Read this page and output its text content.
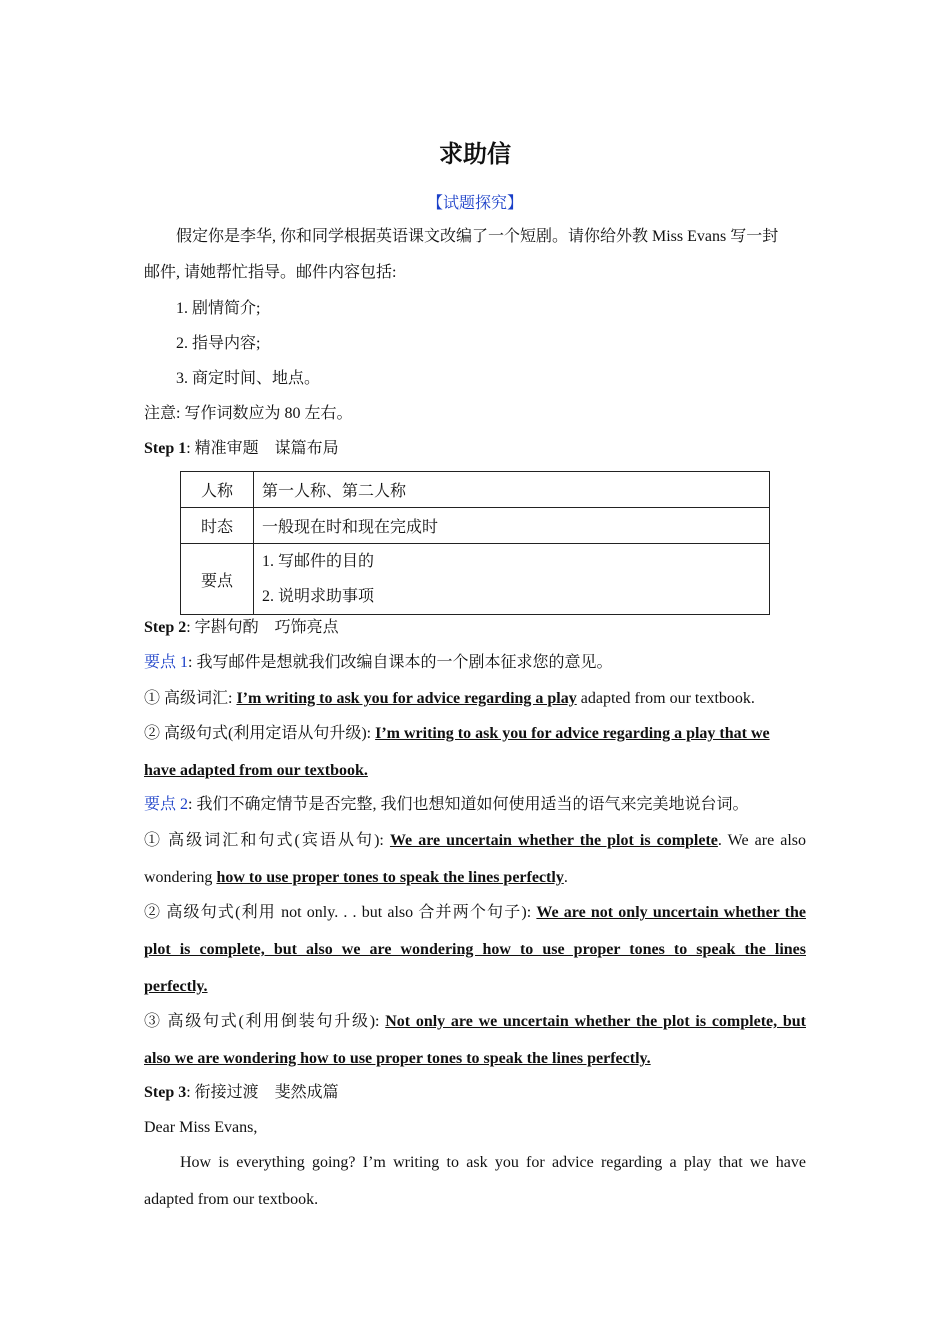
求助信
【试题探究】
假定你是李华, 你和同学根据英语课文改编了一个短剧。请你给外教 Miss Evans 写一封
邮件, 请她帮忙指导。邮件内容包括:
1. 剧情简介;
2. 指导内容;
3. 商定时间、地点。
注意: 写作词数应为 80 左右。
Step 1: 精准审题　谋篇布局
人称	第一人称、第二人称
时态	一般现在时和现在完成时
要点	1. 写邮件的目的
2. 说明求助事项
Step 2: 字斟句酌　巧饰亮点
要点 1: 我写邮件是想就我们改编自课本的一个剧本征求您的意见。
① 高级词汇: I’m writing to ask you for advice regarding a play adapted from our textbook.
② 高级句式(利用定语从句升级): I’m writing to ask you for advice regarding a play that we
have adapted from our textbook.
要点 2: 我们不确定情节是否完整, 我们也想知道如何使用适当的语气来完美地说台词。
① 高级词汇和句式(宾语从句): We are uncertain whether the plot is complete. We are also
wondering how to use proper tones to speak the lines perfectly.
② 高级句式(利用 not only. . . but also 合并两个句子): We are not only uncertain whether the
plot is complete, but also we are wondering how to use proper tones to speak the lines
perfectly.
③ 高级句式(利用倒装句升级): Not only are we uncertain whether the plot is complete, but
also we are wondering how to use proper tones to speak the lines perfectly.
Step 3: 衔接过渡　斐然成篇
Dear Miss Evans,
How is everything going? I’m writing to ask you for advice regarding a play that we have
adapted from our textbook.
